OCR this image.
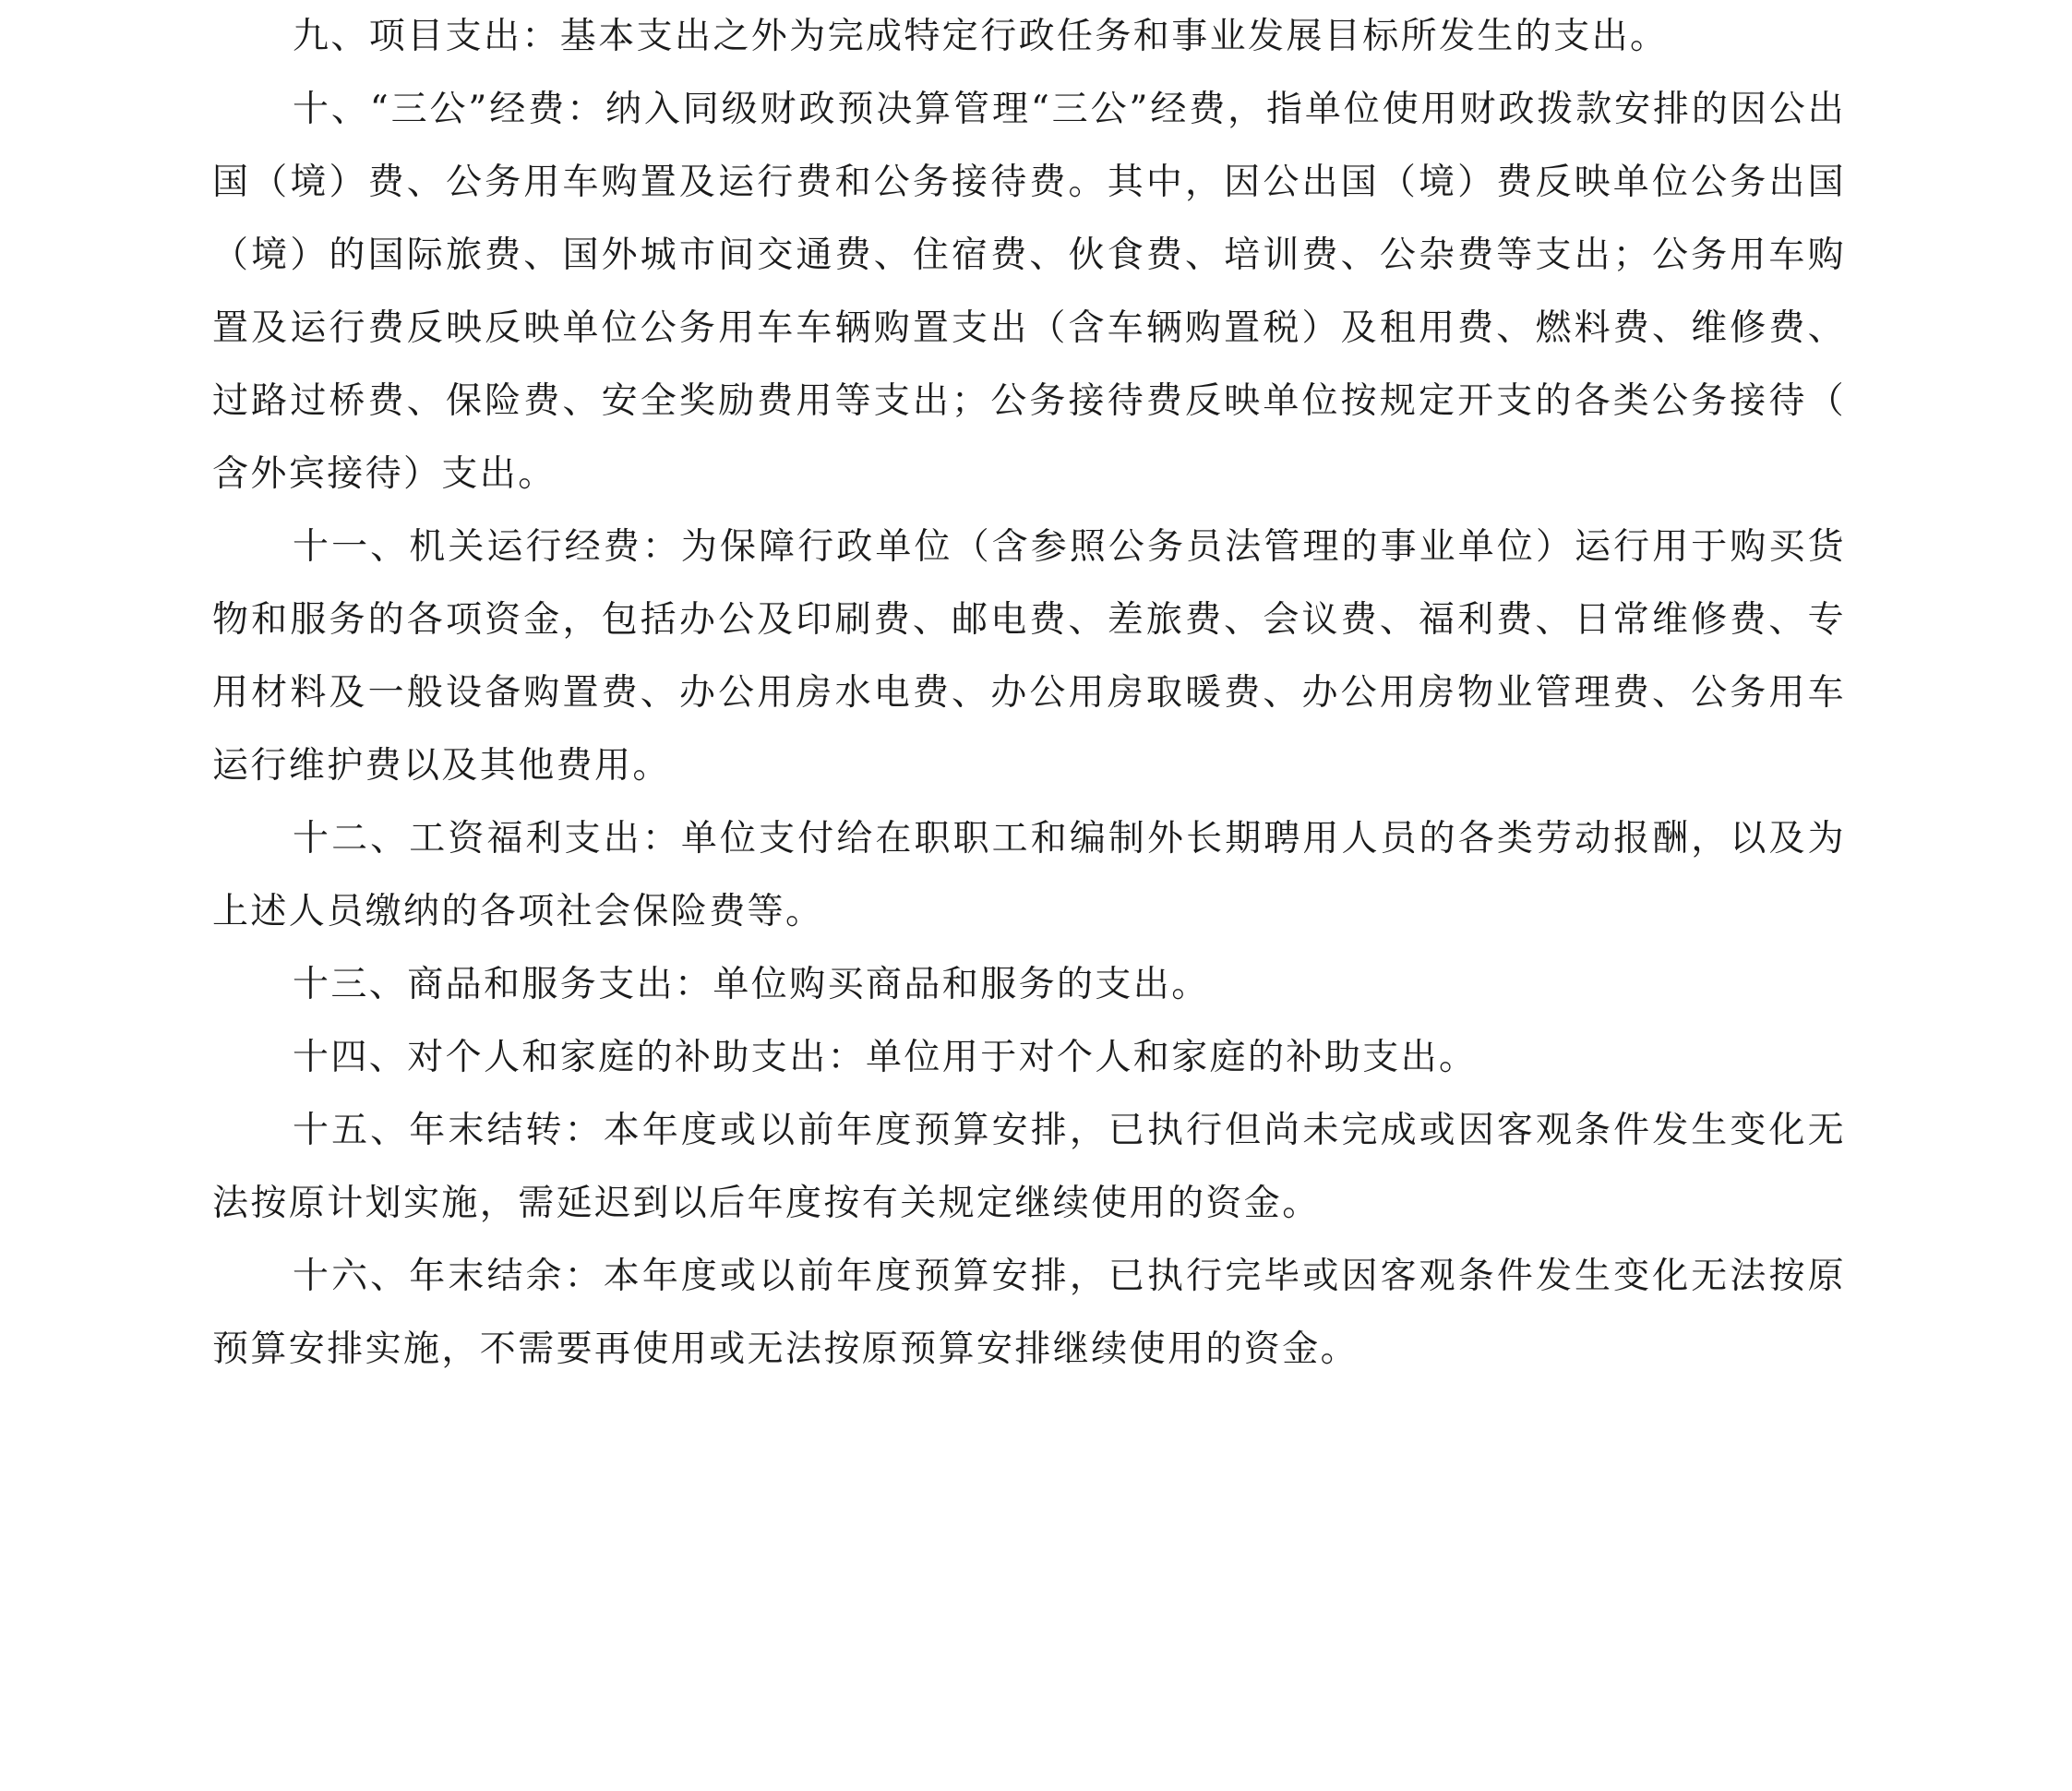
九、项目支出：基本支出之外为完成特定行政任务和事业发展目标所发生的支出。

十、“三公”经费：纳入同级财政预决算管理“三公”经费，指单位使用财政拨款安排的因公出国（境）费、公务用车购置及运行费和公务接待费。其中，因公出国（境）费反映单位公务出国（境）的国际旅费、国外城市间交通费、住宿费、伙食费、培训费、公杂费等支出；公务用车购置及运行费反映反映单位公务用车车辆购置支出（含车辆购置税）及租用费、燃料费、维修费、过路过桥费、保险费、安全奖励费用等支出；公务接待费反映单位按规定开支的各类公务接待（含外宾接待）支出。

十一、机关运行经费：为保障行政单位（含参照公务员法管理的事业单位）运行用于购买货物和服务的各项资金，包括办公及印刷费、邮电费、差旅费、会议费、福利费、日常维修费、专用材料及一般设备购置费、办公用房水电费、办公用房取暖费、办公用房物业管理费、公务用车运行维护费以及其他费用。

十二、工资福利支出：单位支付给在职职工和编制外长期聘用人员的各类劳动报酬，以及为上述人员缴纳的各项社会保险费等。

十三、商品和服务支出：单位购买商品和服务的支出。

十四、对个人和家庭的补助支出：单位用于对个人和家庭的补助支出。

十五、年末结转：本年度或以前年度预算安排，已执行但尚未完成或因客观条件发生变化无法按原计划实施，需延迟到以后年度按有关规定继续使用的资金。

十六、年末结余：本年度或以前年度预算安排，已执行完毕或因客观条件发生变化无法按原预算安排实施，不需要再使用或无法按原预算安排继续使用的资金。
